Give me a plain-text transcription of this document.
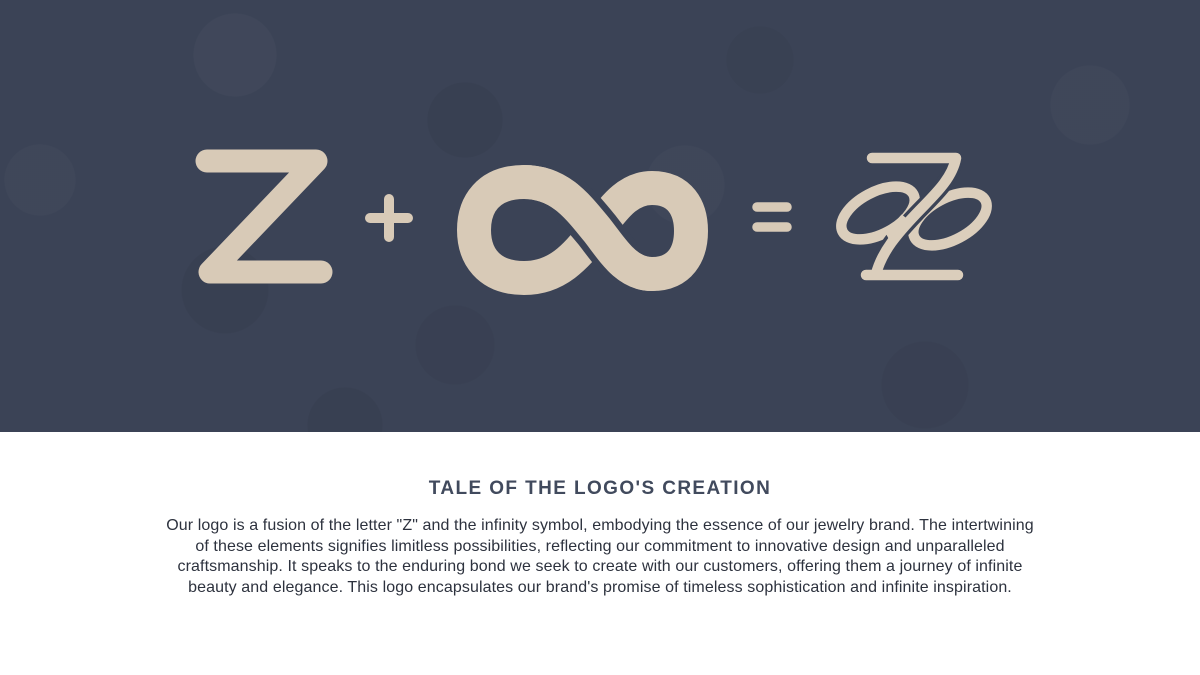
TALE OF THE LOGO'S CREATION
Our logo is a fusion of the letter "Z" and the infinity symbol, embodying the essence of our jewelry brand. The intertwining
of these elements signifies limitless possibilities, reflecting our commitment to innovative design and unparalleled
craftsmanship. It speaks to the enduring bond we seek to create with our customers, offering them a journey of infinite
beauty and elegance. This logo encapsulates our brand's promise of timeless sophistication and infinite inspiration.
